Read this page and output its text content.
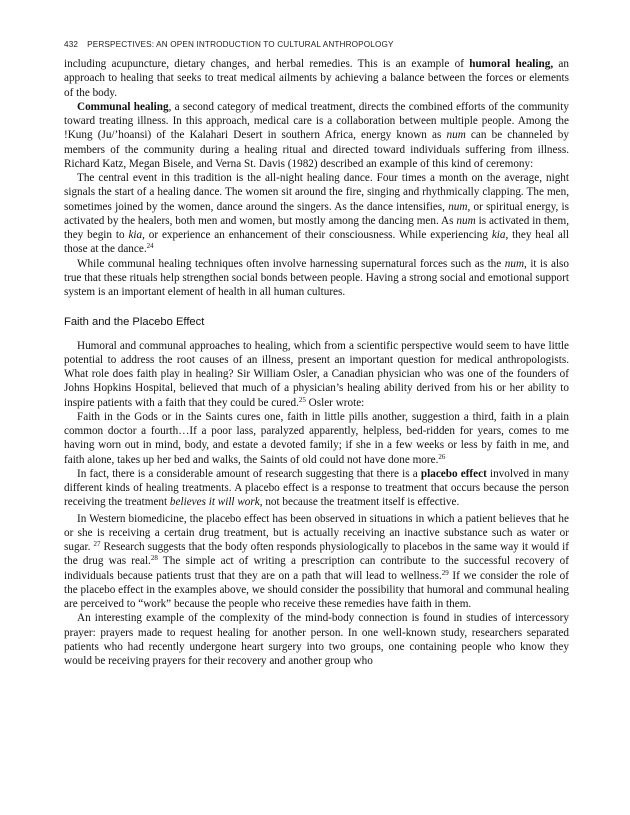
432 PERSPECTIVES: AN OPEN INTRODUCTION TO CULTURAL ANTHROPOLOGY

including acupuncture, dietary changes, and herbal remedies. This is an example of humoral healing, an approach to healing that seeks to treat medical ailments by achieving a balance between the forces or elements of the body.

Communal healing, a second category of medical treatment, directs the combined efforts of the community toward treating illness. In this approach, medical care is a collaboration between multiple people. Among the !Kung (Ju/’hoansi) of the Kalahari Desert in southern Africa, energy known as num can be channeled by members of the community during a healing ritual and directed toward individuals suffering from illness. Richard Katz, Megan Bisele, and Verna St. Davis (1982) described an example of this kind of ceremony:

The central event in this tradition is the all-night healing dance. Four times a month on the average, night signals the start of a healing dance. The women sit around the fire, singing and rhythmically clapping. The men, sometimes joined by the women, dance around the singers. As the dance intensifies, num, or spiritual energy, is activated by the healers, both men and women, but mostly among the dancing men. As num is activated in them, they begin to kia, or experience an enhancement of their consciousness. While experiencing kia, they heal all those at the dance.$^{24}$

While communal healing techniques often involve harnessing supernatural forces such as the num, it is also true that these rituals help strengthen social bonds between people. Having a strong social and emotional support system is an important element of health in all human cultures.

Faith and the Placebo Effect

Humoral and communal approaches to healing, which from a scientific perspective would seem to have little potential to address the root causes of an illness, present an important question for medical anthropologists. What role does faith play in healing? Sir William Osler, a Canadian physician who was one of the founders of Johns Hopkins Hospital, believed that much of a physician’s healing ability derived from his or her ability to inspire patients with a faith that they could be cured.$^{25}$ Osler wrote:

Faith in the Gods or in the Saints cures one, faith in little pills another, suggestion a third, faith in a plain common doctor a fourth…If a poor lass, paralyzed apparently, helpless, bed-ridden for years, comes to me having worn out in mind, body, and estate a devoted family; if she in a few weeks or less by faith in me, and faith alone, takes up her bed and walks, the Saints of old could not have done more.$^{26}$

In fact, there is a considerable amount of research suggesting that there is a placebo effect involved in many different kinds of healing treatments. A placebo effect is a response to treatment that occurs because the person receiving the treatment believes it will work, not because the treatment itself is effective.

In Western biomedicine, the placebo effect has been observed in situations in which a patient believes that he or she is receiving a certain drug treatment, but is actually receiving an inactive substance such as water or sugar. $^{27}$ Research suggests that the body often responds physiologically to placebos in the same way it would if the drug was real.$^{28}$ The simple act of writing a prescription can contribute to the successful recovery of individuals because patients trust that they are on a path that will lead to wellness.$^{29}$ If we consider the role of the placebo effect in the examples above, we should consider the possibility that humoral and communal healing are perceived to “work” because the people who receive these remedies have faith in them.

An interesting example of the complexity of the mind-body connection is found in studies of intercessory prayer: prayers made to request healing for another person. In one well-known study, researchers separated patients who had recently undergone heart surgery into two groups, one containing people who know they would be receiving prayers for their recovery and another group who
